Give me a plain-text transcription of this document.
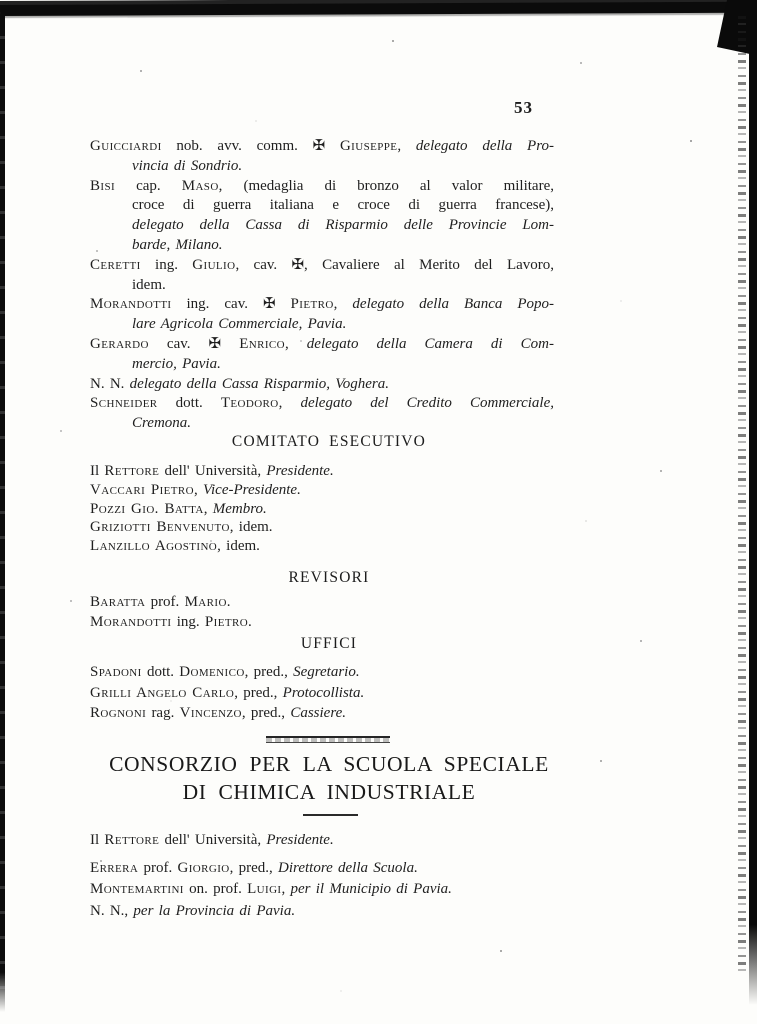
53
Guicciardi nob. avv. comm. ✠ Giuseppe, delegato della Pro-
vincia di Sondrio.
Bisi cap. Maso, (medaglia di bronzo al valor militare,
croce di guerra italiana e croce di guerra francese),
delegato della Cassa di Risparmio delle Provincie Lom-
barde, Milano.
Ceretti ing. Giulio, cav. ✠, Cavaliere al Merito del Lavoro,
idem.
Morandotti ing. cav. ✠ Pietro, delegato della Banca Popo-
lare Agricola Commerciale, Pavia.
Gerardo cav. ✠ Enrico, delegato della Camera di Com-
mercio, Pavia.
N. N. delegato della Cassa Risparmio, Voghera.
Schneider dott. Teodoro, delegato del Credito Commerciale,
Cremona.
COMITATO ESECUTIVO
Il Rettore dell' Università, Presidente.
Vaccari Pietro, Vice-Presidente.
Pozzi Gio. Batta, Membro.
Griziotti Benvenuto, idem.
Lanzillo Agostino, idem.
REVISORI
Baratta prof. Mario.
Morandotti ing. Pietro.
UFFICI
Spadoni dott. Domenico, pred., Segretario.
Grilli Angelo Carlo, pred., Protocollista.
Rognoni rag. Vincenzo, pred., Cassiere.
CONSORZIO PER LA SCUOLA SPECIALE
DI CHIMICA INDUSTRIALE
Il Rettore dell' Università, Presidente.
Errera prof. Giorgio, pred., Direttore della Scuola.
Montemartini on. prof. Luigi, per il Municipio di Pavia.
N. N., per la Provincia di Pavia.
